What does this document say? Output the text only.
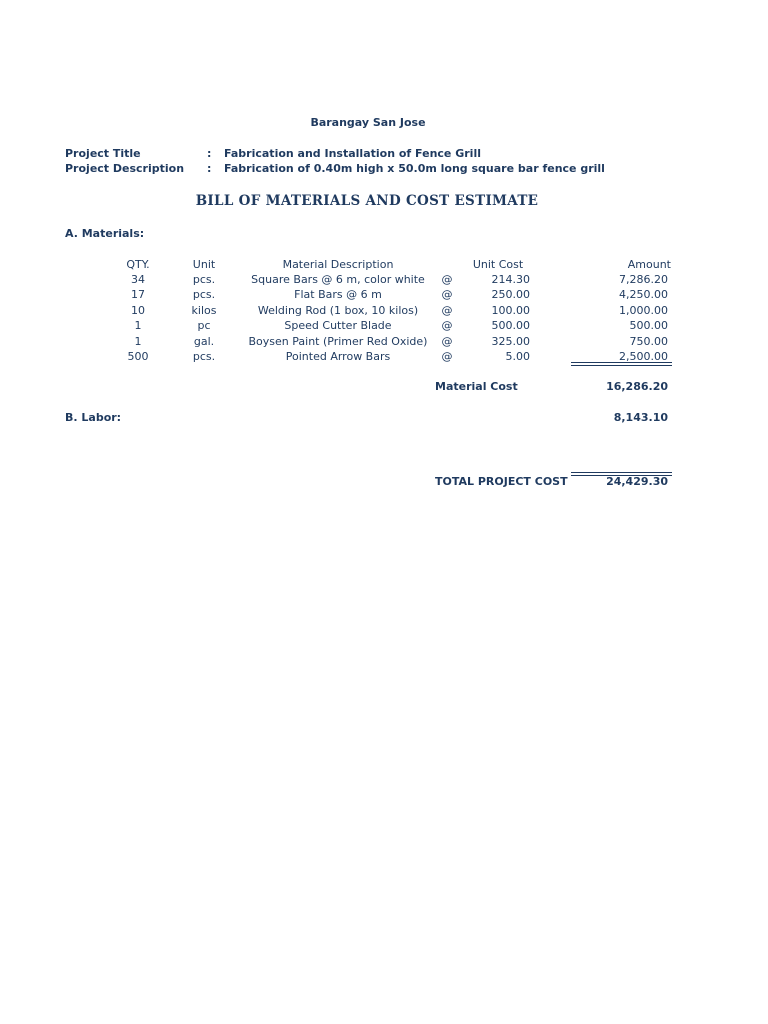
Barangay San Jose
Project Title	: Fabrication and Installation of Fence Grill
Project Description : Fabrication of 0.40m high x 50.0m long square bar fence grill
BILL OF MATERIALS AND COST ESTIMATE
A. Materials:
QTY.	Unit	Material Description	Unit Cost	Amount
34	pcs.	Square Bars @ 6 m, color white	@	214.30	7,286.20
17	pcs.	Flat Bars @ 6 m	@	250.00	4,250.00
10	kilos	Welding Rod (1 box, 10 kilos)	@	100.00	1,000.00
1	pc	Speed Cutter Blade	@	500.00	500.00
1	gal.	Boysen Paint (Primer Red Oxide)	@	325.00	750.00
500	pcs.	Pointed Arrow Bars	@	5.00	2,500.00
Material Cost	16,286.20
B. Labor:	8,143.10
TOTAL PROJECT COST	24,429.30
